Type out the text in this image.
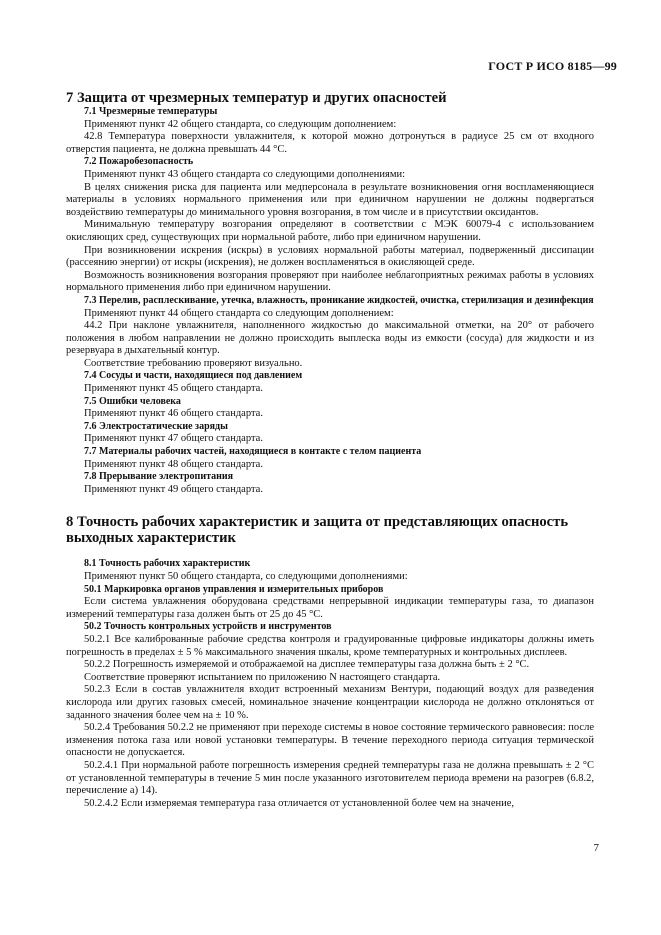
ГОСТ Р ИСО 8185—99

7 Защита от чрезмерных температур и других опасностей

7.1 Чрезмерные температуры

Применяют пункт 42 общего стандарта, со следующим дополнением:

42.8 Температура поверхности увлажнителя, к которой можно дотронуться в радиусе 25 см от входного отверстия пациента, не должна превышать 44 °С.

7.2 Пожаробезопасность

Применяют пункт 43 общего стандарта со следующими дополнениями:

В целях снижения риска для пациента или медперсонала в результате возникновения огня воспламеняющиеся материалы в условиях нормального применения или при единичном нарушении не должны подвергаться воздействию температуры до минимального уровня возгорания, в том числе и в присутствии оксидантов.

Минимальную температуру возгорания определяют в соответствии с МЭК 60079-4 с использованием окисляющих сред, существующих при нормальной работе, либо при единичном нарушении.

При возникновении искрения (искры) в условиях нормальной работы материал, подверженный диссипации (рассеянию энергии) от искры (искрения), не должен воспламеняться в окисляющей среде.

Возможность возникновения возгорания проверяют при наиболее неблагоприятных режимах работы в условиях нормального применения либо при единичном нарушении.

7.3 Перелив, расплескивание, утечка, влажность, проникание жидкостей, очистка, стерилизация и дезинфекция

Применяют пункт 44 общего стандарта со следующим дополнением:

44.2 При наклоне увлажнителя, наполненного жидкостью до максимальной отметки, на 20° от рабочего положения в любом направлении не должно происходить выплеска воды из емкости (сосуда) для жидкости и из резервуара в дыхательный контур.

Соответствие требованию проверяют визуально.

7.4 Сосуды и части, находящиеся под давлением

Применяют пункт 45 общего стандарта.

7.5 Ошибки человека

Применяют пункт 46 общего стандарта.

7.6 Электростатические заряды

Применяют пункт 47 общего стандарта.

7.7 Материалы рабочих частей, находящиеся в контакте с телом пациента

Применяют пункт 48 общего стандарта.

7.8 Прерывание электропитания

Применяют пункт 49 общего стандарта.

8 Точность рабочих характеристик и защита от представляющих опасность выходных характеристик

8.1 Точность рабочих характеристик

Применяют пункт 50 общего стандарта, со следующими дополнениями:

50.1 Маркировка органов управления и измерительных приборов

Если система увлажнения оборудована средствами непрерывной индикации температуры газа, то диапазон измерений температуры газа должен быть от 25 до 45 °С.

50.2 Точность контрольных устройств и инструментов

50.2.1 Все калиброванные рабочие средства контроля и градуированные цифровые индикаторы должны иметь погрешность в пределах ± 5 % максимального значения шкалы, кроме температурных и контрольных дисплеев.

50.2.2 Погрешность измеряемой и отображаемой на дисплее температуры газа должна быть ± 2 °С.

Соответствие проверяют испытанием по приложению N настоящего стандарта.

50.2.3 Если в состав увлажнителя входит встроенный механизм Вентури, подающий воздух для разведения кислорода или других газовых смесей, номинальное значение концентрации кислорода не должно отклоняться от заданного значения более чем на ± 10 %.

50.2.4 Требования 50.2.2 не применяют при переходе системы в новое состояние термического равновесия: после изменения потока газа или новой установки температуры. В течение переходного периода ситуация термической опасности не допускается.

50.2.4.1 При нормальной работе погрешность измерения средней температуры газа не должна превышать ± 2 °С от установленной температуры в течение 5 мин после указанного изготовителем периода времени на разогрев (6.8.2, перечисление а) 14).

50.2.4.2 Если измеряемая температура газа отличается от установленной более чем на значение,

7
